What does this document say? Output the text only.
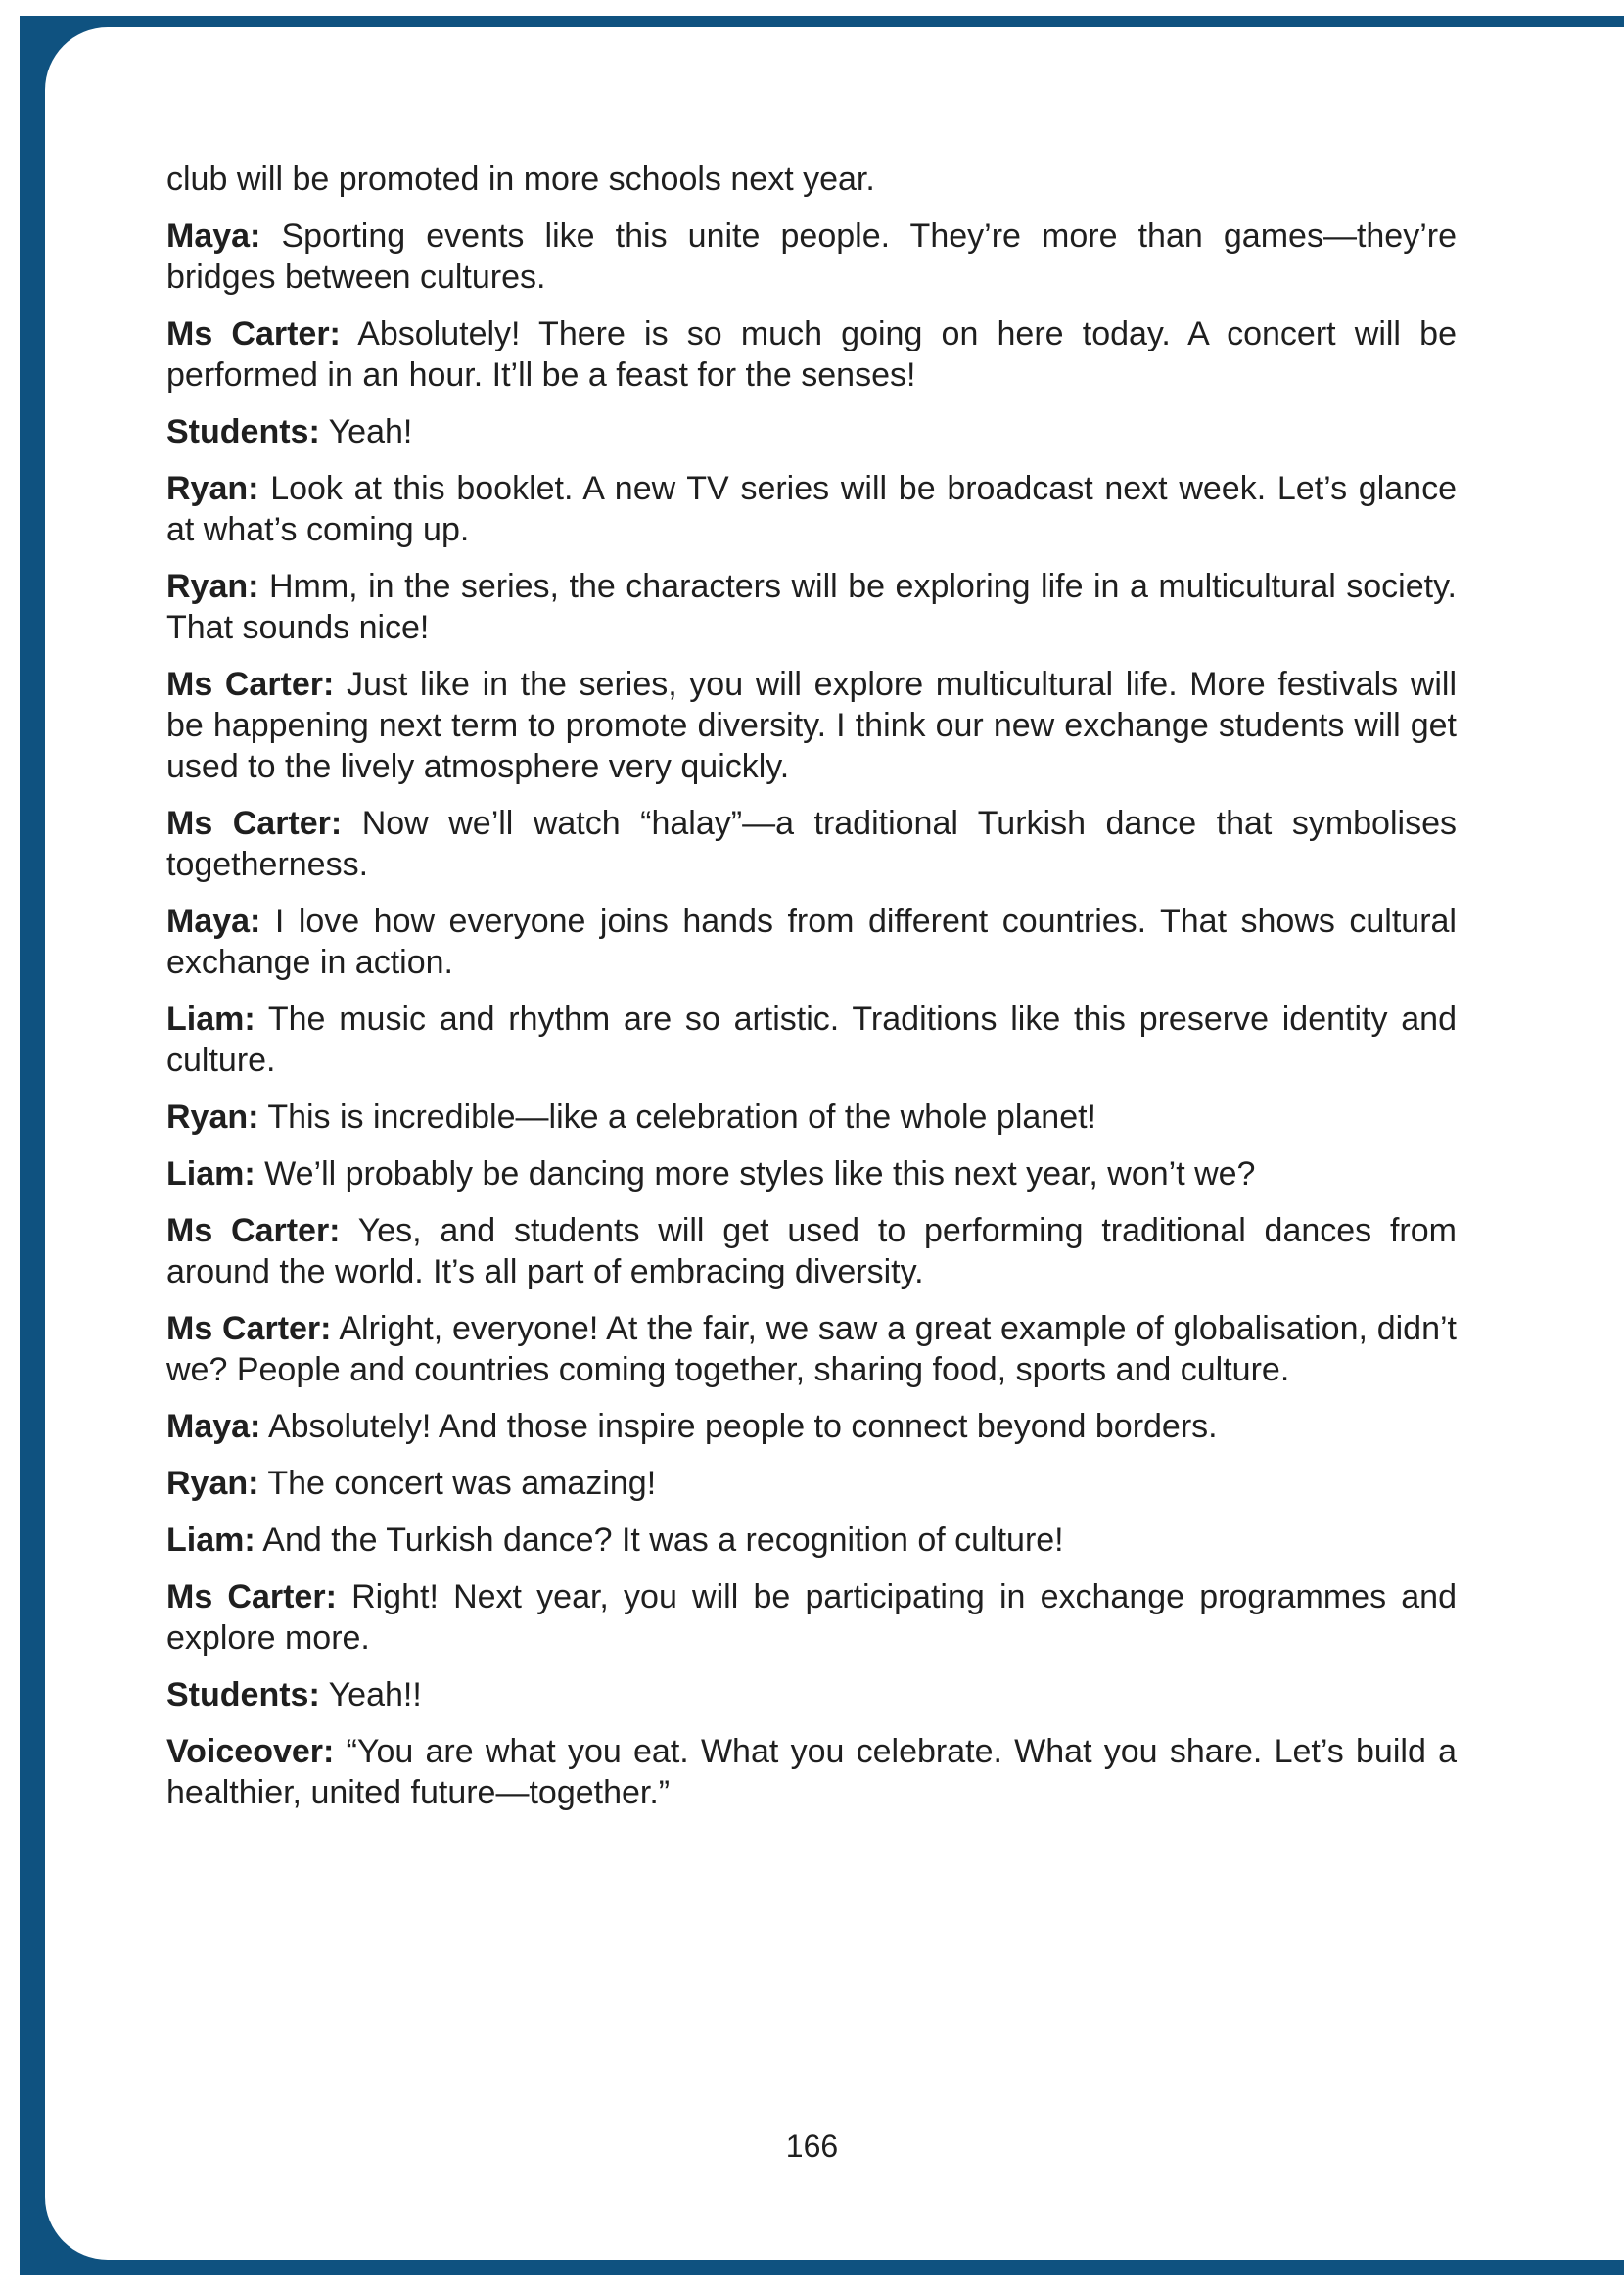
club will be promoted in more schools next year.

Maya: Sporting events like this unite people. They’re more than games—they’re bridges between cultures.

Ms Carter: Absolutely! There is so much going on here today. A concert will be performed in an hour. It’ll be a feast for the senses!

Students: Yeah!

Ryan: Look at this booklet. A new TV series will be broadcast next week. Let’s glance at what’s coming up.

Ryan: Hmm, in the series, the characters will be exploring life in a multicultural society. That sounds nice!

Ms Carter: Just like in the series, you will explore multicultural life. More festivals will be happening next term to promote diversity. I think our new exchange students will get used to the lively atmosphere very quickly.

Ms Carter: Now we’ll watch “halay”—a traditional Turkish dance that symbolises togetherness.

Maya: I love how everyone joins hands from different countries. That shows cultural exchange in action.

Liam: The music and rhythm are so artistic. Traditions like this preserve identity and culture.

Ryan: This is incredible—like a celebration of the whole planet!

Liam: We’ll probably be dancing more styles like this next year, won’t we?

Ms Carter: Yes, and students will get used to performing traditional dances from around the world. It’s all part of embracing diversity.

Ms Carter: Alright, everyone! At the fair, we saw a great example of globalisation, didn’t we? People and countries coming together, sharing food, sports and culture.

Maya: Absolutely! And those inspire people to connect beyond borders.

Ryan: The concert was amazing!

Liam: And the Turkish dance? It was a recognition of culture!

Ms Carter: Right! Next year, you will be participating in exchange programmes and explore more.

Students: Yeah!!

Voiceover: “You are what you eat. What you celebrate. What you share. Let’s build a healthier, united future—together.”

166
